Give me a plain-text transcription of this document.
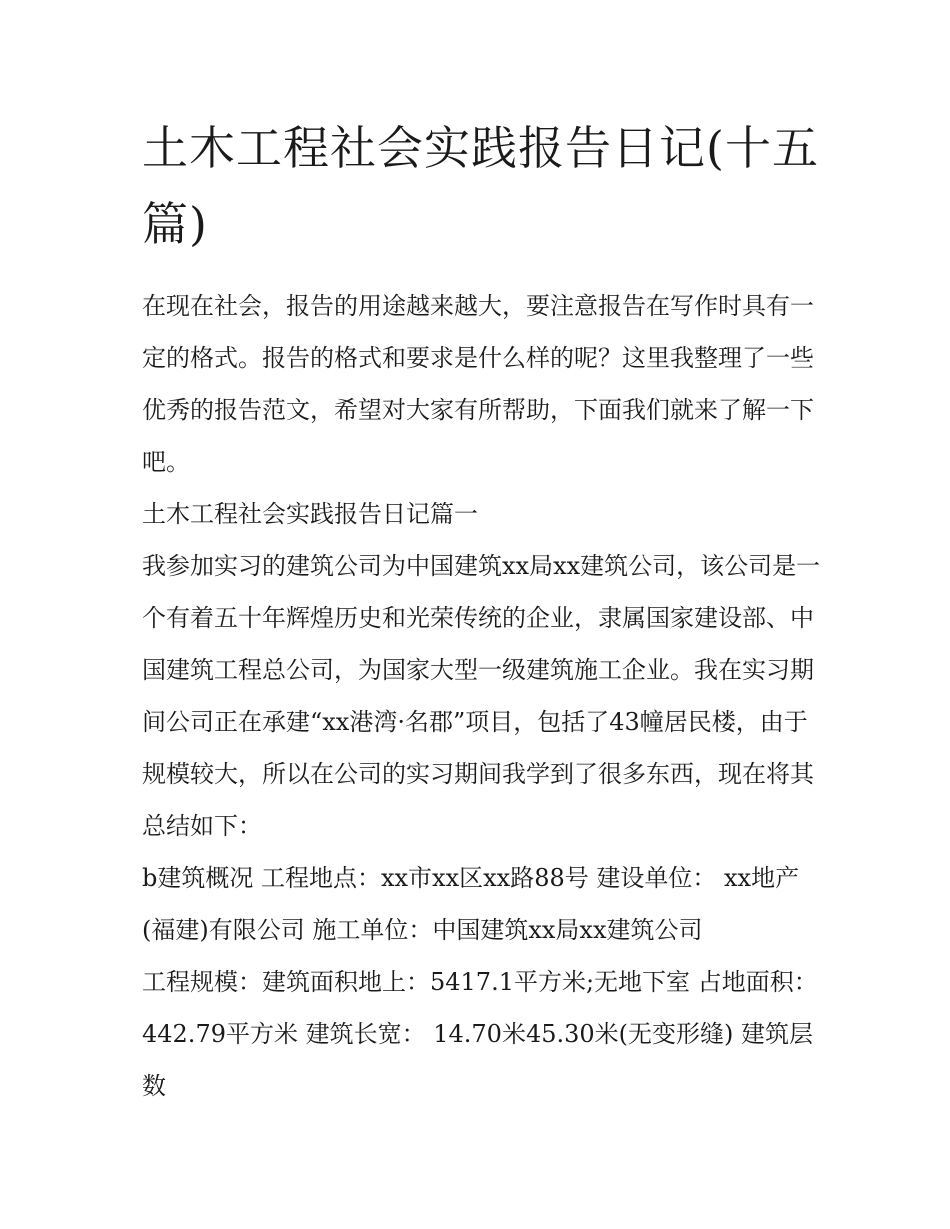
土木工程社会实践报告日记(十五篇)

在现在社会，报告的用途越来越大，要注意报告在写作时具有一定的格式。报告的格式和要求是什么样的呢？这里我整理了一些优秀的报告范文，希望对大家有所帮助，下面我们就来了解一下吧。

土木工程社会实践报告日记篇一

我参加实习的建筑公司为中国建筑xx局xx建筑公司，该公司是一个有着五十年辉煌历史和光荣传统的企业，隶属国家建设部、中国建筑工程总公司，为国家大型一级建筑施工企业。我在实习期间公司正在承建“xx港湾·名郡”项目，包括了43幢居民楼，由于规模较大，所以在公司的实习期间我学到了很多东西，现在将其总结如下：

b建筑概况 工程地点：xx市xx区xx路88号 建设单位： xx地产(福建)有限公司 施工单位：中国建筑xx局xx建筑公司

工程规模：建筑面积地上：5417.1平方米;无地下室 占地面积：442.79平方米 建筑长宽： 14.70米45.30米(无变形缝) 建筑层数
